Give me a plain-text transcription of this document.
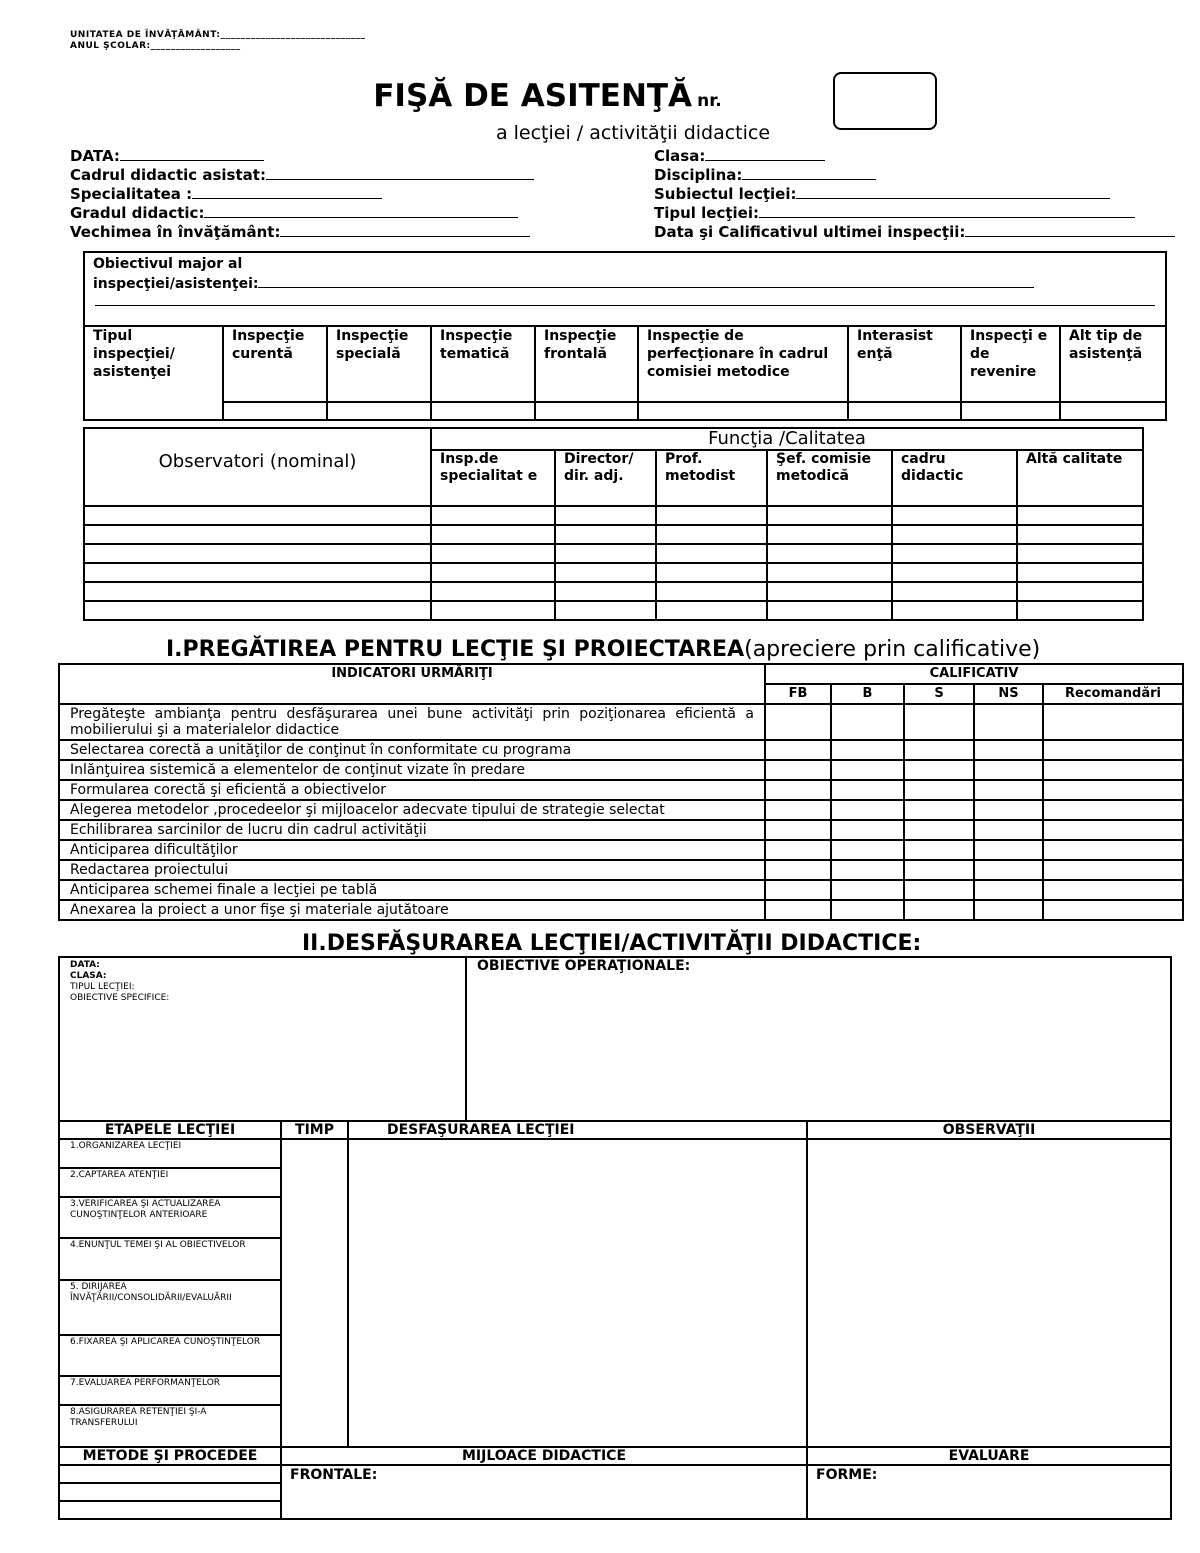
UNITATEA DE ÎNVĂŢĂMÂNT:_____________________________
ANUL ŞCOLAR:__________________
FIŞĂ DE ASITENŢĂ nr.
a lecţiei / activităţii didactice
DATA:
Cadrul didactic asistat:
Specialitatea :
Gradul didactic:
Vechimea în învăţământ:
Clasa:
Disciplina:
Subiectul lecţiei:
Tipul lecţiei:
Data şi Calificativul ultimei inspecţii:
Obiectivul major al
inspecţiei/asistenţei:								

Tipul inspecţiei/ asistenţei	Inspecţie curentă	Inspecţie specială	Inspecţie tematică	Inspecţie frontală	Inspecţie de perfecţionare în cadrul comisiei metodice	Interasist enţă	Inspecţi e de revenire	Alt tip de asistenţă

Observatori (nominal)	Funcţia /Calitatea					
	Insp.de specialitat e	Director/ dir. adj.	Prof. metodist	Şef. comisie metodică	cadru didactic	Altă calitate

I.PREGĂTIREA PENTRU LECŢIE ŞI PROIECTAREA(apreciere prin calificative)
INDICATORI URMĂRIŢI	CALIFICATIV				
	FB	B	S	NS	Recomandări
Pregăteşte ambianţa pentru desfăşurarea unei bune activităţi prin poziţionarea eficientă a mobilierului şi a materialelor didactice					
Selectarea corectă a unităţilor de conţinut în conformitate cu programa					
Inlănţuirea sistemică a elementelor de conţinut vizate în predare					
Formularea corectă şi eficientă a obiectivelor					
Alegerea metodelor ,procedeelor şi mijloacelor adecvate tipului de strategie selectat					
Echilibrarea sarcinilor de lucru din cadrul activităţii					
Anticiparea dificultăţilor					
Redactarea proiectului					
Anticiparea schemei finale a lecţiei pe tablă					
Anexarea la proiect a unor fişe şi materiale ajutătoare					
II.DESFĂŞURAREA LECŢIEI/ACTIVITĂŢII DIDACTICE:
DATA:
CLASA:
TIPUL LECŢIEI:
OBIECTIVE SPECIFICE:			OBIECTIVE OPERAŢIONALE:	
ETAPELE LECŢIEI	TIMP	DESFAŞURAREA LECŢIEI		OBSERVAŢII
1.ORGANIZAREA LECŢIEI				
2.CAPTAREA ATENŢIEI				
3.VERIFICAREA ŞI ACTUALIZAREA CUNOŞTINŢELOR ANTERIOARE				
4.ENUNŢUL TEMEI ŞI AL OBIECTIVELOR				
5. DIRIJAREA ÎNVĂŢĂRII/CONSOLIDĂRII/EVALUĂRII				
6.FIXAREA ŞI APLICAREA CUNOŞTINŢELOR				
7.EVALUAREA PERFORMANŢELOR				
8.ASIGURAREA RETENŢIEI ŞI-A TRANSFERULUI				
METODE ŞI PROCEDEE	MIJLOACE DIDACTICE			EVALUARE
	FRONTALE:			FORME:
